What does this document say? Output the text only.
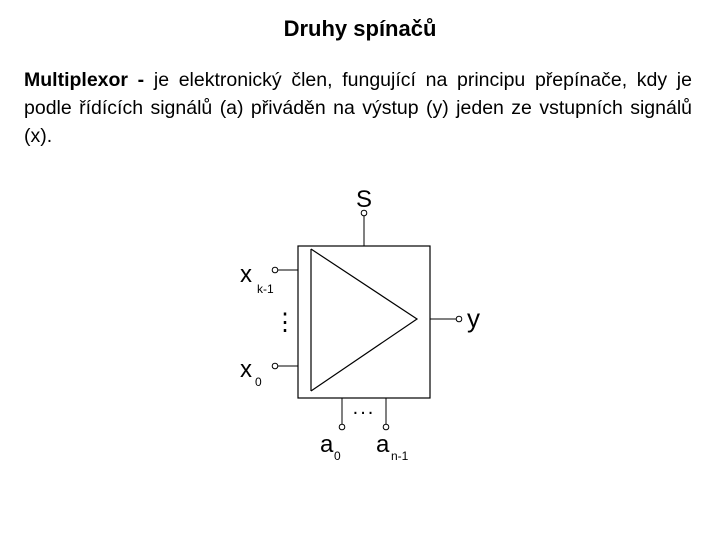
Druhy spínačů
Multiplexor - je elektronický člen, fungující na principu přepínače, kdy je podle řídících signálů (a) přiváděn na výstup (y) jeden ze vstupních signálů (x).
S
y
x
k-1
⋮
x 0
a 0
...
a n-1
